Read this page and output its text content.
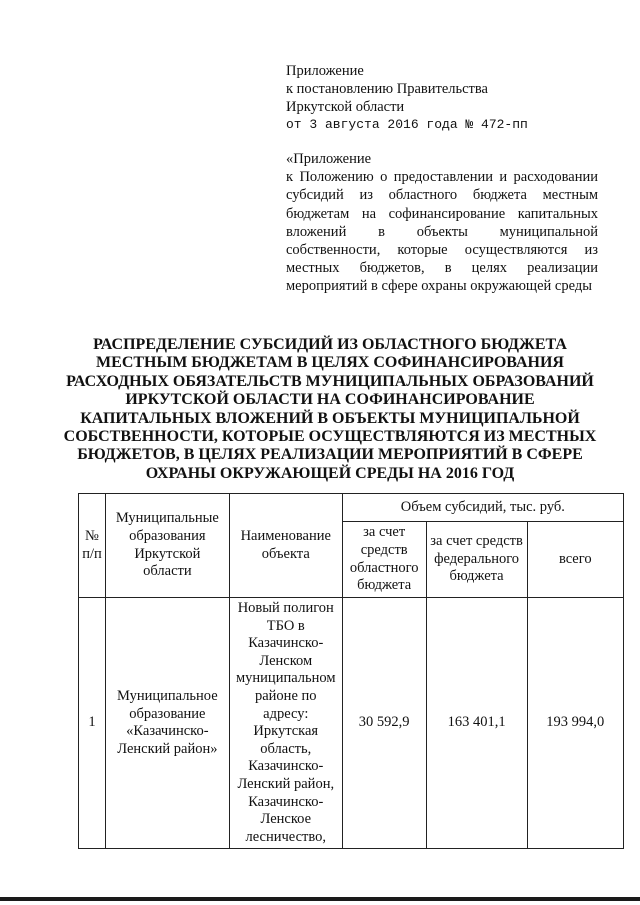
Приложение
к постановлению Правительства
Иркутской области
от 3 августа 2016 года № 472-пп
«Приложение
к Положению о предоставлении и расходовании субсидий из областного бюджета местным бюджетам на софинансирование капитальных вложений в объекты муниципальной собственности, которые осуществляются из местных бюджетов, в целях реализации мероприятий в сфере охраны окружающей среды
РАСПРЕДЕЛЕНИЕ СУБСИДИЙ ИЗ ОБЛАСТНОГО БЮДЖЕТА МЕСТНЫМ БЮДЖЕТАМ В ЦЕЛЯХ СОФИНАНСИРОВАНИЯ РАСХОДНЫХ ОБЯЗАТЕЛЬСТВ МУНИЦИПАЛЬНЫХ ОБРАЗОВАНИЙ ИРКУТСКОЙ ОБЛАСТИ НА СОФИНАНСИРОВАНИЕ КАПИТАЛЬНЫХ ВЛОЖЕНИЙ В ОБЪЕКТЫ МУНИЦИПАЛЬНОЙ СОБСТВЕННОСТИ, КОТОРЫЕ ОСУЩЕСТВЛЯЮТСЯ ИЗ МЕСТНЫХ БЮДЖЕТОВ, В ЦЕЛЯХ РЕАЛИЗАЦИИ МЕРОПРИЯТИЙ В СФЕРЕ ОХРАНЫ ОКРУЖАЮЩЕЙ СРЕДЫ НА 2016 ГОД
№ п/п	Муниципальные образования Иркутской области	Наименование объекта	Объем субсидий, тыс. руб.		
			за счет средств областного бюджета	за счет средств федерального бюджета	всего
1	Муниципальное образование «Казачинско-Ленский район»	Новый полигон ТБО в Казачинско-Ленском муниципальном районе по адресу: Иркутская область, Казачинско-Ленский район, Казачинско-Ленское лесничество,	30 592,9	163 401,1	193 994,0
